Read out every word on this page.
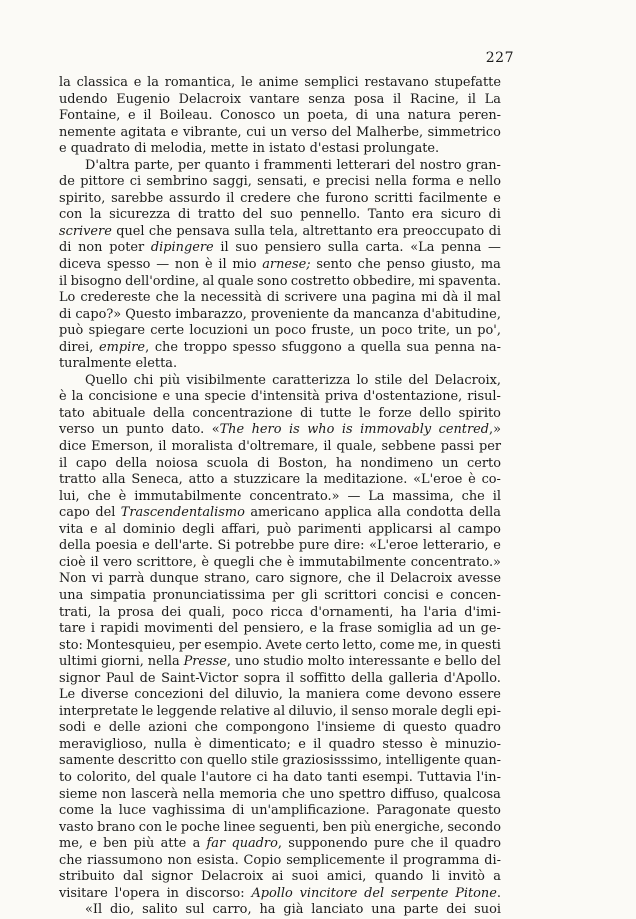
227
la classica e la romantica, le anime semplici restavano stupefatte
udendo Eugenio Delacroix vantare senza posa il Racine, il La
Fontaine, e il Boileau. Conosco un poeta, di una natura peren-
nemente agitata e vibrante, cui un verso del Malherbe, simmetrico
e quadrato di melodia, mette in istato d'estasi prolungate.
D'altra parte, per quanto i frammenti letterari del nostro gran-
de pittore ci sembrino saggi, sensati, e precisi nella forma e nello
spirito, sarebbe assurdo il credere che furono scritti facilmente e
con la sicurezza di tratto del suo pennello. Tanto era sicuro di
scrivere quel che pensava sulla tela, altrettanto era preoccupato di
di non poter dipingere il suo pensiero sulla carta. «La penna —
diceva spesso — non è il mio arnese; sento che penso giusto, ma
il bisogno dell'ordine, al quale sono costretto obbedire, mi spaventa.
Lo credereste che la necessità di scrivere una pagina mi dà il mal
di capo?» Questo imbarazzo, proveniente da mancanza d'abitudine,
può spiegare certe locuzioni un poco fruste, un poco trite, un po',
direi, empire, che troppo spesso sfuggono a quella sua penna na-
turalmente eletta.
Quello chi più visibilmente caratterizza lo stile del Delacroix,
è la concisione e una specie d'intensità priva d'ostentazione, risul-
tato abituale della concentrazione di tutte le forze dello spirito
verso un punto dato. «The hero is who is immovably centred,»
dice Emerson, il moralista d'oltremare, il quale, sebbene passi per
il capo della noiosa scuola di Boston, ha nondimeno un certo
tratto alla Seneca, atto a stuzzicare la meditazione. «L'eroe è co-
lui, che è immutabilmente concentrato.» — La massima, che il
capo del Trascendentalismo americano applica alla condotta della
vita e al dominio degli affari, può parimenti applicarsi al campo
della poesia e dell'arte. Si potrebbe pure dire: «L'eroe letterario, e
cioè il vero scrittore, è quegli che è immutabilmente concentrato.»
Non vi parrà dunque strano, caro signore, che il Delacroix avesse
una simpatia pronunciatissima per gli scrittori concisi e concen-
trati, la prosa dei quali, poco ricca d'ornamenti, ha l'aria d'imi-
tare i rapidi movimenti del pensiero, e la frase somiglia ad un ge-
sto: Montesquieu, per esempio. Avete certo letto, come me, in questi
ultimi giorni, nella Presse, uno studio molto interessante e bello del
signor Paul de Saint-Victor sopra il soffitto della galleria d'Apollo.
Le diverse concezioni del diluvio, la maniera come devono essere
interpretate le leggende relative al diluvio, il senso morale degli epi-
sodi e delle azioni che compongono l'insieme di questo quadro
meraviglioso, nulla è dimenticato; e il quadro stesso è minuzio-
samente descritto con quello stile graziosisssimo, intelligente quan-
to colorito, del quale l'autore ci ha dato tanti esempi. Tuttavia l'in-
sieme non lascerà nella memoria che uno spettro diffuso, qualcosa
come la luce vaghissima di un'amplificazione. Paragonate questo
vasto brano con le poche linee seguenti, ben più energiche, secondo
me, e ben più atte a far quadro, supponendo pure che il quadro
che riassumono non esista. Copio semplicemente il programma di-
stribuito dal signor Delacroix ai suoi amici, quando li invitò a
visitare l'opera in discorso: Apollo vincitore del serpente Pitone.
«Il dio, salito sul carro, ha già lanciato una parte dei suoi
